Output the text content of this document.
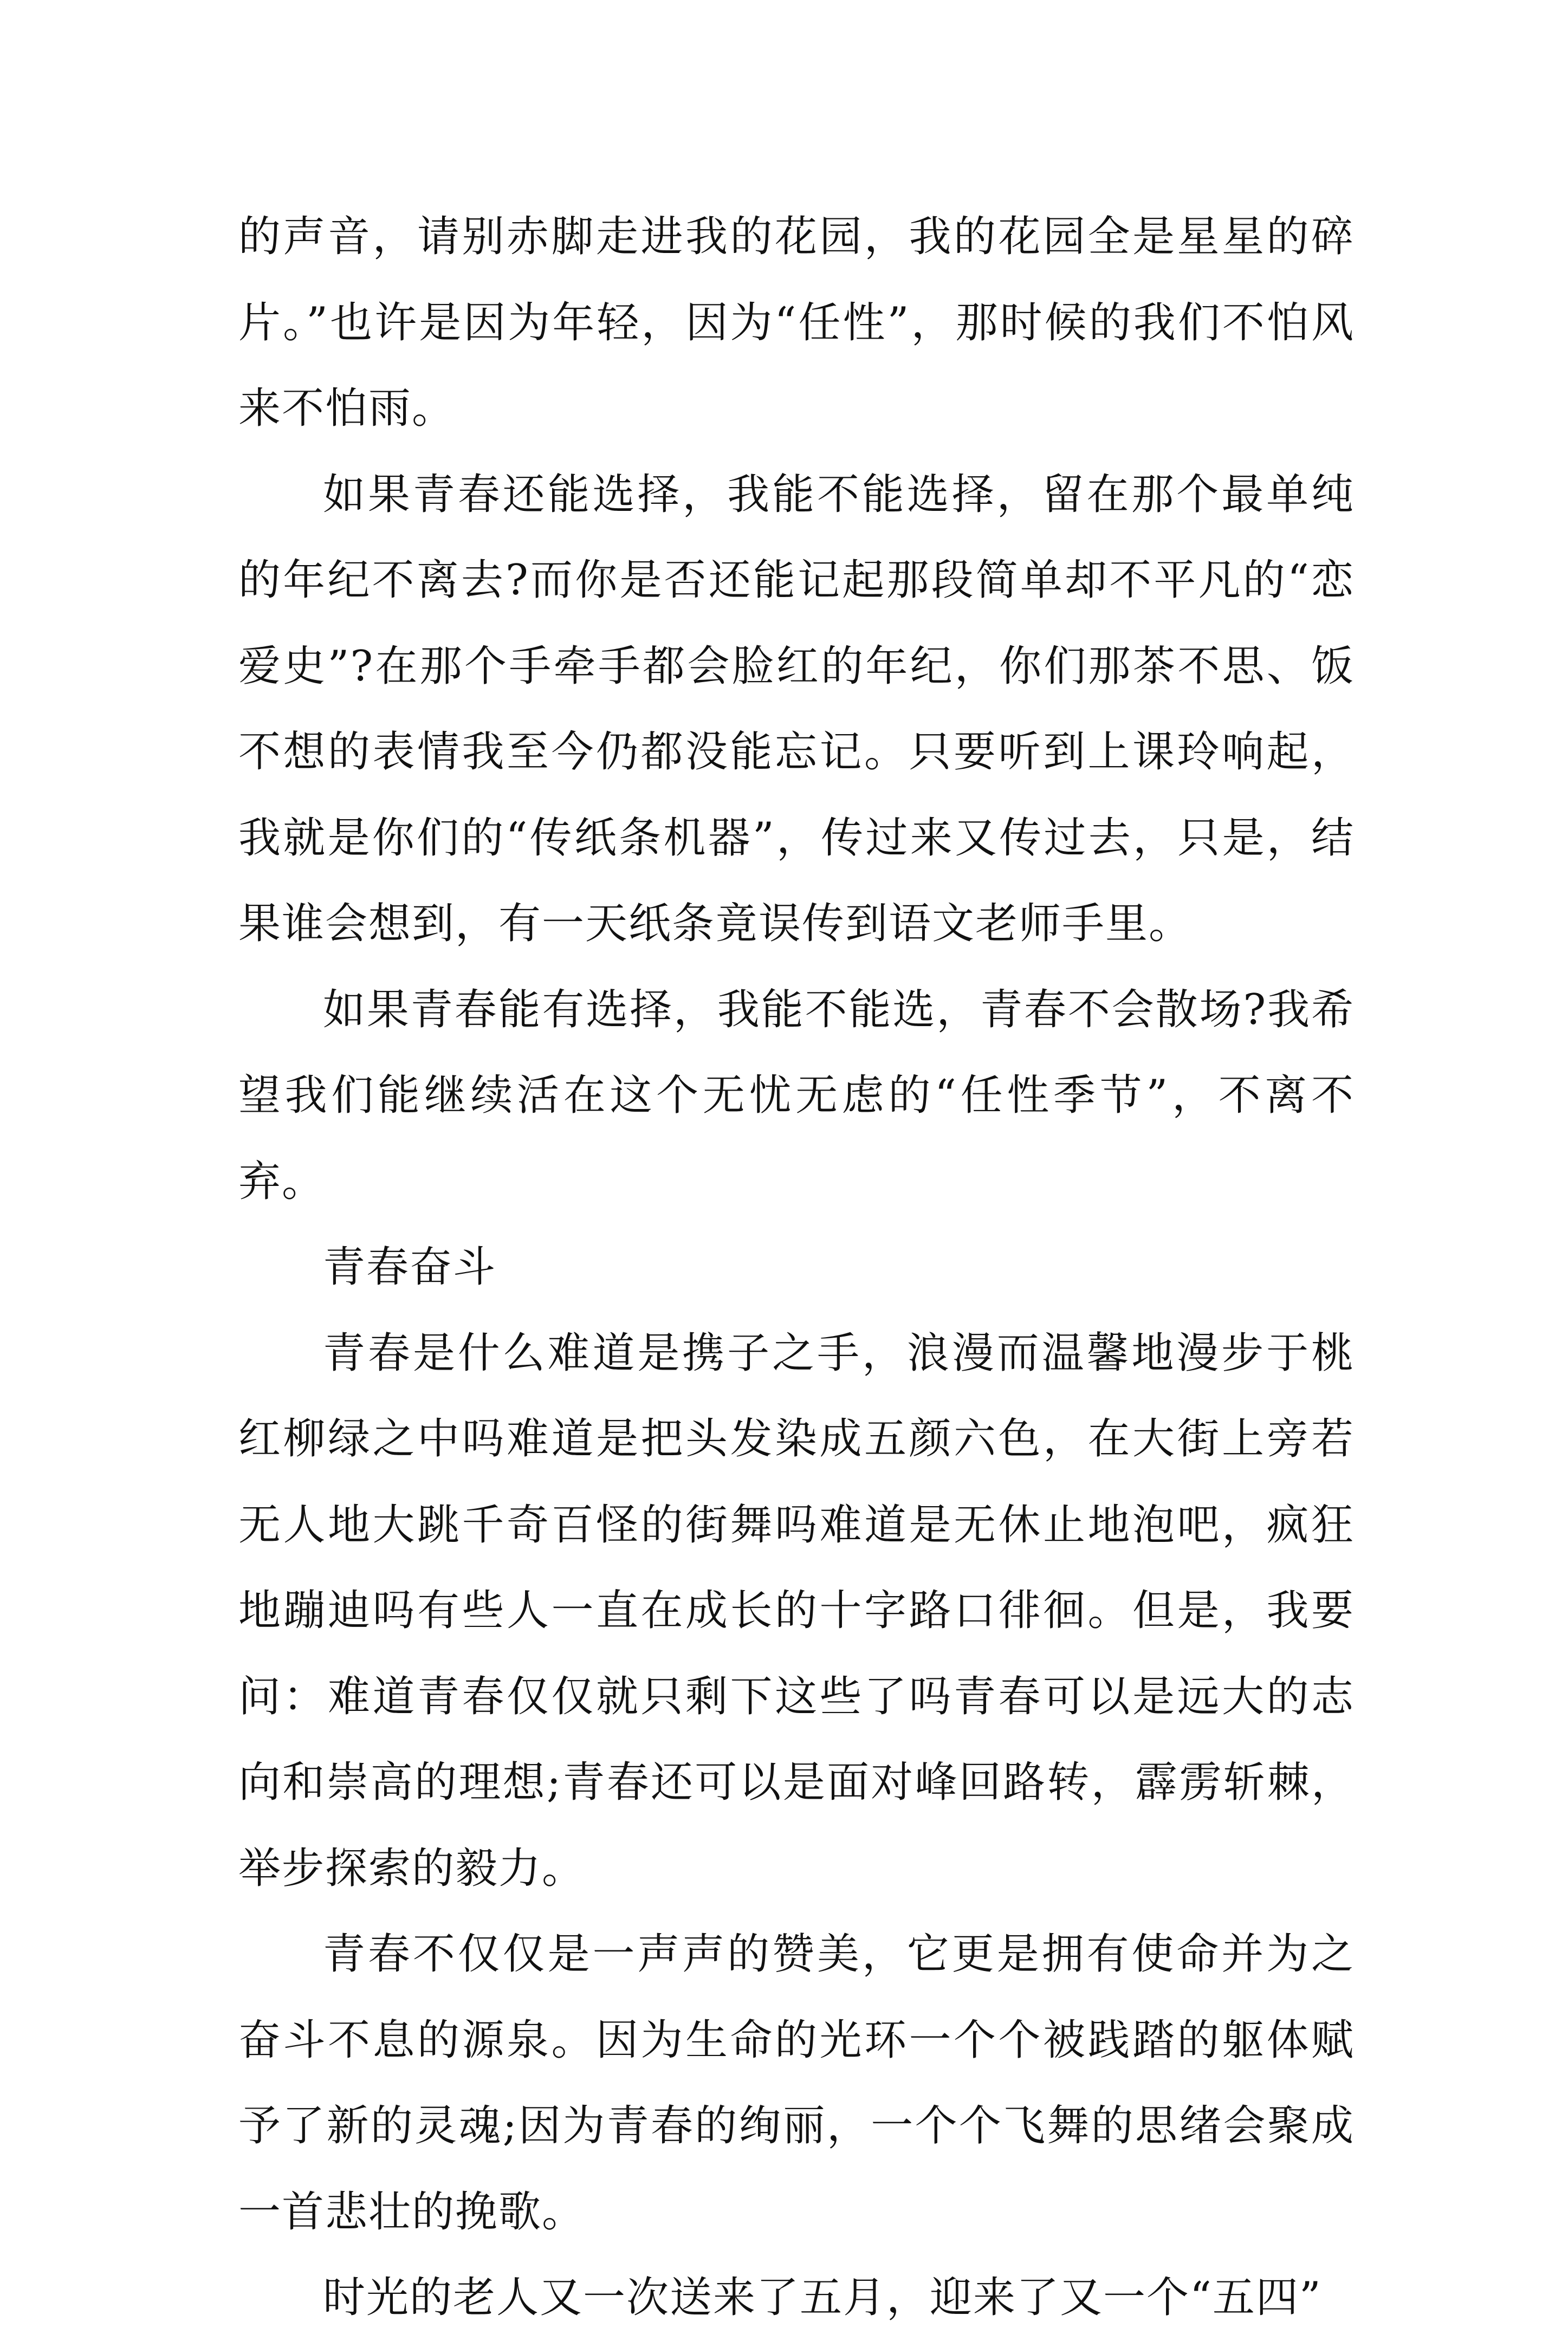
的声音，请别赤脚走进我的花园，我的花园全是星星的碎片。”也许是因为年轻，因为“任性”，那时候的我们不怕风来不怕雨。

如果青春还能选择，我能不能选择，留在那个最单纯的年纪不离去?而你是否还能记起那段简单却不平凡的“恋爱史”?在那个手牵手都会脸红的年纪，你们那茶不思、饭不想的表情我至今仍都没能忘记。只要听到上课玲响起，我就是你们的“传纸条机器”，传过来又传过去，只是，结果谁会想到，有一天纸条竟误传到语文老师手里。

如果青春能有选择，我能不能选，青春不会散场?我希望我们能继续活在这个无忧无虑的“任性季节”，不离不弃。

青春奋斗

青春是什么难道是携子之手，浪漫而温馨地漫步于桃红柳绿之中吗难道是把头发染成五颜六色，在大街上旁若无人地大跳千奇百怪的街舞吗难道是无休止地泡吧，疯狂地蹦迪吗有些人一直在成长的十字路口徘徊。但是，我要问：难道青春仅仅就只剩下这些了吗青春可以是远大的志向和崇高的理想;青春还可以是面对峰回路转，霹雳斩棘，举步探索的毅力。

青春不仅仅是一声声的赞美，它更是拥有使命并为之奋斗不息的源泉。因为生命的光环一个个被践踏的躯体赋予了新的灵魂;因为青春的绚丽，一个个飞舞的思绪会聚成一首悲壮的挽歌。

时光的老人又一次送来了五月，迎来了又一个“五四”
